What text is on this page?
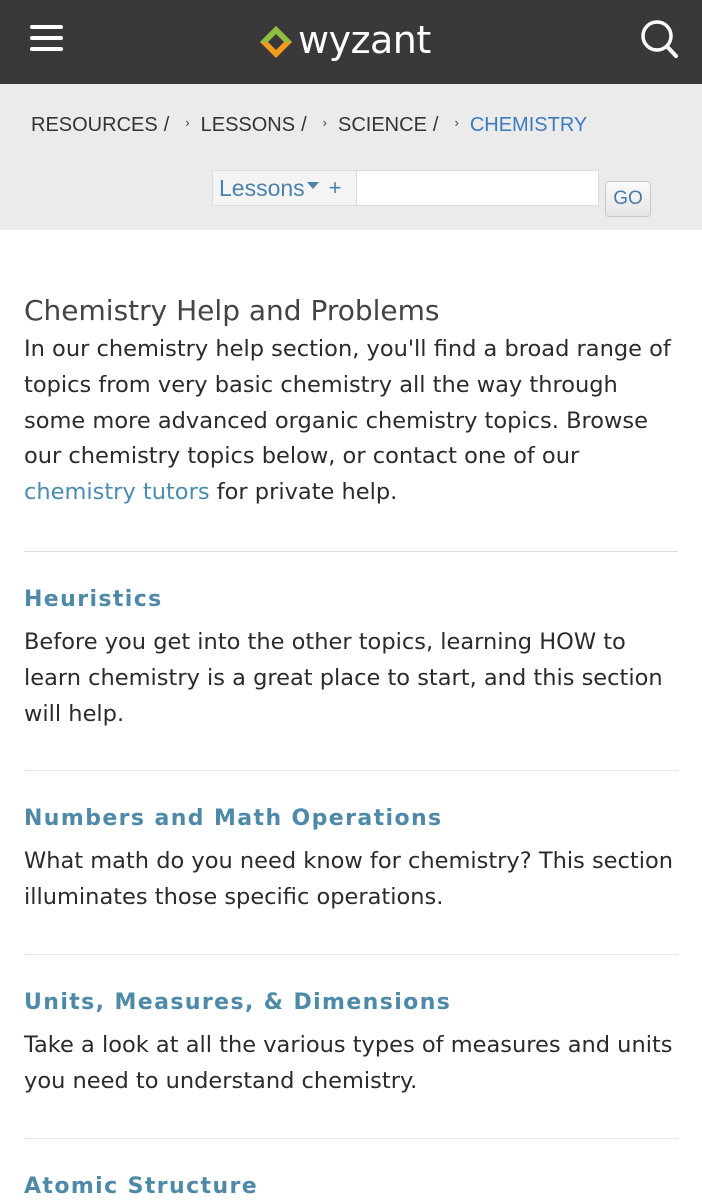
wyzant
RESOURCES / › LESSONS / › SCIENCE / › CHEMISTRY
Lessons +	GO
Chemistry Help and Problems

In our chemistry help section, you'll find a broad range of topics from very basic chemistry all the way through some more advanced organic chemistry topics. Browse our chemistry topics below, or contact one of our chemistry tutors for private help.

Heuristics

Before you get into the other topics, learning HOW to learn chemistry is a great place to start, and this section will help.

Numbers and Math Operations

What math do you need know for chemistry? This section illuminates those specific operations.

Units, Measures, & Dimensions

Take a look at all the various types of measures and units you need to understand chemistry.

Atomic Structure
